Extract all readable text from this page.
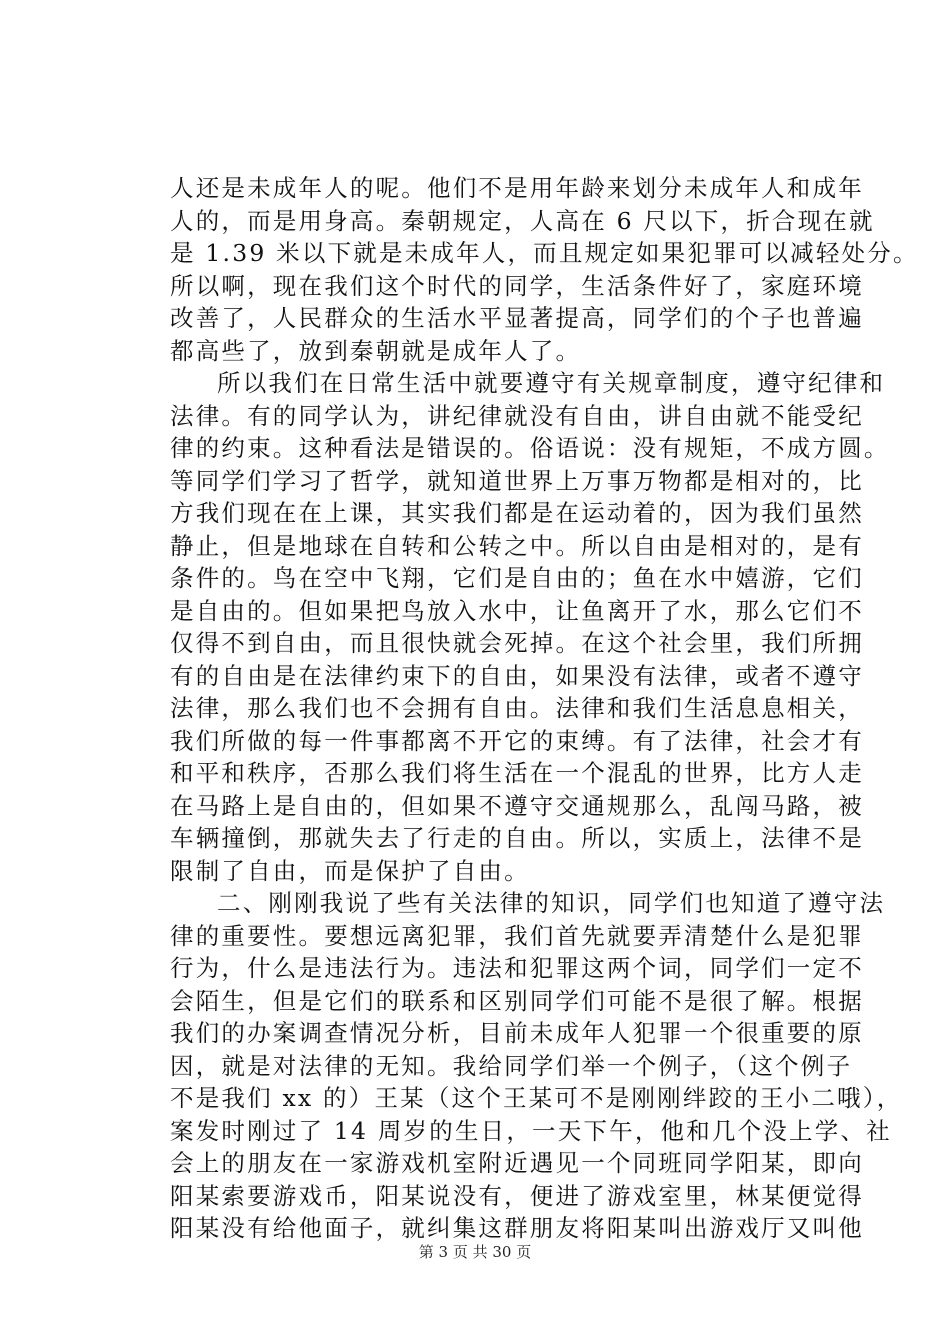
人还是未成年人的呢。他们不是用年龄来划分未成年人和成年
人的，而是用身高。秦朝规定，人高在 6 尺以下，折合现在就
是 1.39 米以下就是未成年人，而且规定如果犯罪可以减轻处分。
所以啊，现在我们这个时代的同学，生活条件好了，家庭环境
改善了，人民群众的生活水平显著提高，同学们的个子也普遍
都高些了，放到秦朝就是成年人了。
所以我们在日常生活中就要遵守有关规章制度，遵守纪律和
法律。有的同学认为，讲纪律就没有自由，讲自由就不能受纪
律的约束。这种看法是错误的。俗语说：没有规矩，不成方圆。
等同学们学习了哲学，就知道世界上万事万物都是相对的，比
方我们现在在上课，其实我们都是在运动着的，因为我们虽然
静止，但是地球在自转和公转之中。所以自由是相对的，是有
条件的。鸟在空中飞翔，它们是自由的；鱼在水中嬉游，它们
是自由的。但如果把鸟放入水中，让鱼离开了水，那么它们不
仅得不到自由，而且很快就会死掉。在这个社会里，我们所拥
有的自由是在法律约束下的自由，如果没有法律，或者不遵守
法律，那么我们也不会拥有自由。法律和我们生活息息相关，
我们所做的每一件事都离不开它的束缚。有了法律，社会才有
和平和秩序，否那么我们将生活在一个混乱的世界，比方人走
在马路上是自由的，但如果不遵守交通规那么，乱闯马路，被
车辆撞倒，那就失去了行走的自由。所以，实质上，法律不是
限制了自由，而是保护了自由。
二、刚刚我说了些有关法律的知识，同学们也知道了遵守法
律的重要性。要想远离犯罪，我们首先就要弄清楚什么是犯罪
行为，什么是违法行为。违法和犯罪这两个词，同学们一定不
会陌生，但是它们的联系和区别同学们可能不是很了解。根据
我们的办案调查情况分析，目前未成年人犯罪一个很重要的原
因，就是对法律的无知。我给同学们举一个例子，（这个例子
不是我们 xx 的）王某（这个王某可不是刚刚绊跤的王小二哦），
案发时刚过了 14 周岁的生日，一天下午，他和几个没上学、社
会上的朋友在一家游戏机室附近遇见一个同班同学阳某，即向
阳某索要游戏币，阳某说没有，便进了游戏室里，林某便觉得
阳某没有给他面子，就纠集这群朋友将阳某叫出游戏厅又叫他
第 3 页 共 30 页
